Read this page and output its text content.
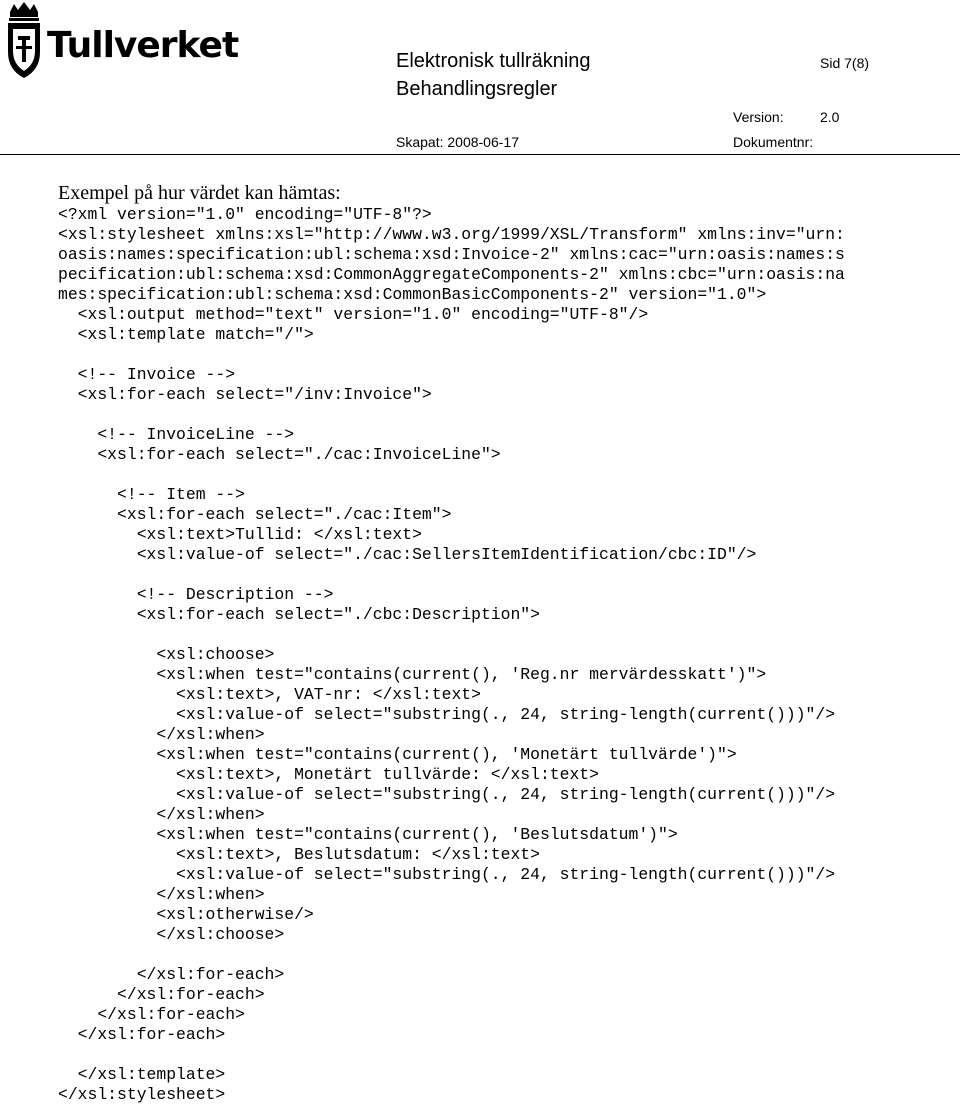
Tullverket	Elektronisk tullräkning
Behandlingsregler
Sid 7(8)
Version:	2.0
Skapat: 2008-06-17	Dokumentnr:
Exempel på hur värdet kan hämtas:
<?xml version="1.0" encoding="UTF-8"?>
<xsl:stylesheet xmlns:xsl="http://www.w3.org/1999/XSL/Transform" xmlns:inv="urn:
oasis:names:specification:ubl:schema:xsd:Invoice-2" xmlns:cac="urn:oasis:names:s
pecification:ubl:schema:xsd:CommonAggregateComponents-2" xmlns:cbc="urn:oasis:na
mes:specification:ubl:schema:xsd:CommonBasicComponents-2" version="1.0">
<xsl:output method="text" version="1.0" encoding="UTF-8"/>
<xsl:template match="/">

<!-- Invoice -->
<xsl:for-each select="/inv:Invoice">

<!-- InvoiceLine -->
<xsl:for-each select="./cac:InvoiceLine">

<!-- Item -->
<xsl:for-each select="./cac:Item">
<xsl:text>Tullid: </xsl:text>
<xsl:value-of select="./cac:SellersItemIdentification/cbc:ID"/>

<!-- Description -->
<xsl:for-each select="./cbc:Description">

<xsl:choose>
<xsl:when test="contains(current(), 'Reg.nr mervärdesskatt')">
<xsl:text>, VAT-nr: </xsl:text>
<xsl:value-of select="substring(., 24, string-length(current()))"/>
</xsl:when>
<xsl:when test="contains(current(), 'Monetärt tullvärde')">
<xsl:text>, Monetärt tullvärde: </xsl:text>
<xsl:value-of select="substring(., 24, string-length(current()))"/>
</xsl:when>
<xsl:when test="contains(current(), 'Beslutsdatum')">
<xsl:text>, Beslutsdatum: </xsl:text>
<xsl:value-of select="substring(., 24, string-length(current()))"/>
</xsl:when>
<xsl:otherwise/>
</xsl:choose>

</xsl:for-each>
</xsl:for-each>
</xsl:for-each>
</xsl:for-each>

</xsl:template>
</xsl:stylesheet>
